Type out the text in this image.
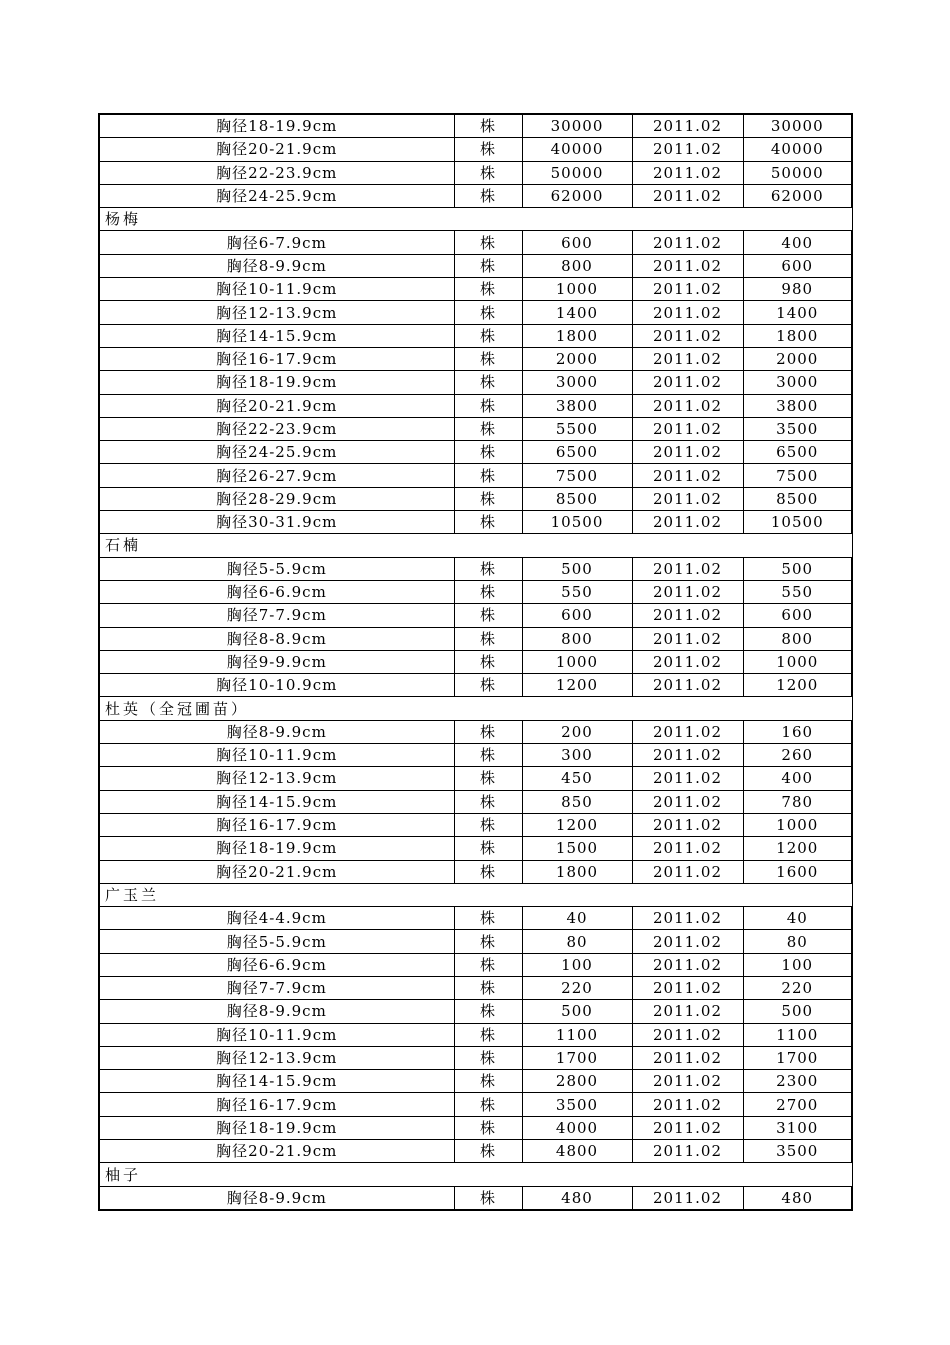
胸径18-19.9cm	株	30000	2011.02	30000
胸径20-21.9cm	株	40000	2011.02	40000
胸径22-23.9cm	株	50000	2011.02	50000
胸径24-25.9cm	株	62000	2011.02	62000
杨梅				
胸径6-7.9cm	株	600	2011.02	400
胸径8-9.9cm	株	800	2011.02	600
胸径10-11.9cm	株	1000	2011.02	980
胸径12-13.9cm	株	1400	2011.02	1400
胸径14-15.9cm	株	1800	2011.02	1800
胸径16-17.9cm	株	2000	2011.02	2000
胸径18-19.9cm	株	3000	2011.02	3000
胸径20-21.9cm	株	3800	2011.02	3800
胸径22-23.9cm	株	5500	2011.02	3500
胸径24-25.9cm	株	6500	2011.02	6500
胸径26-27.9cm	株	7500	2011.02	7500
胸径28-29.9cm	株	8500	2011.02	8500
胸径30-31.9cm	株	10500	2011.02	10500
石楠				
胸径5-5.9cm	株	500	2011.02	500
胸径6-6.9cm	株	550	2011.02	550
胸径7-7.9cm	株	600	2011.02	600
胸径8-8.9cm	株	800	2011.02	800
胸径9-9.9cm	株	1000	2011.02	1000
胸径10-10.9cm	株	1200	2011.02	1200
杜英（全冠圃苗）				
胸径8-9.9cm	株	200	2011.02	160
胸径10-11.9cm	株	300	2011.02	260
胸径12-13.9cm	株	450	2011.02	400
胸径14-15.9cm	株	850	2011.02	780
胸径16-17.9cm	株	1200	2011.02	1000
胸径18-19.9cm	株	1500	2011.02	1200
胸径20-21.9cm	株	1800	2011.02	1600
广玉兰				
胸径4-4.9cm	株	40	2011.02	40
胸径5-5.9cm	株	80	2011.02	80
胸径6-6.9cm	株	100	2011.02	100
胸径7-7.9cm	株	220	2011.02	220
胸径8-9.9cm	株	500	2011.02	500
胸径10-11.9cm	株	1100	2011.02	1100
胸径12-13.9cm	株	1700	2011.02	1700
胸径14-15.9cm	株	2800	2011.02	2300
胸径16-17.9cm	株	3500	2011.02	2700
胸径18-19.9cm	株	4000	2011.02	3100
胸径20-21.9cm	株	4800	2011.02	3500
柚子				
胸径8-9.9cm	株	480	2011.02	480
